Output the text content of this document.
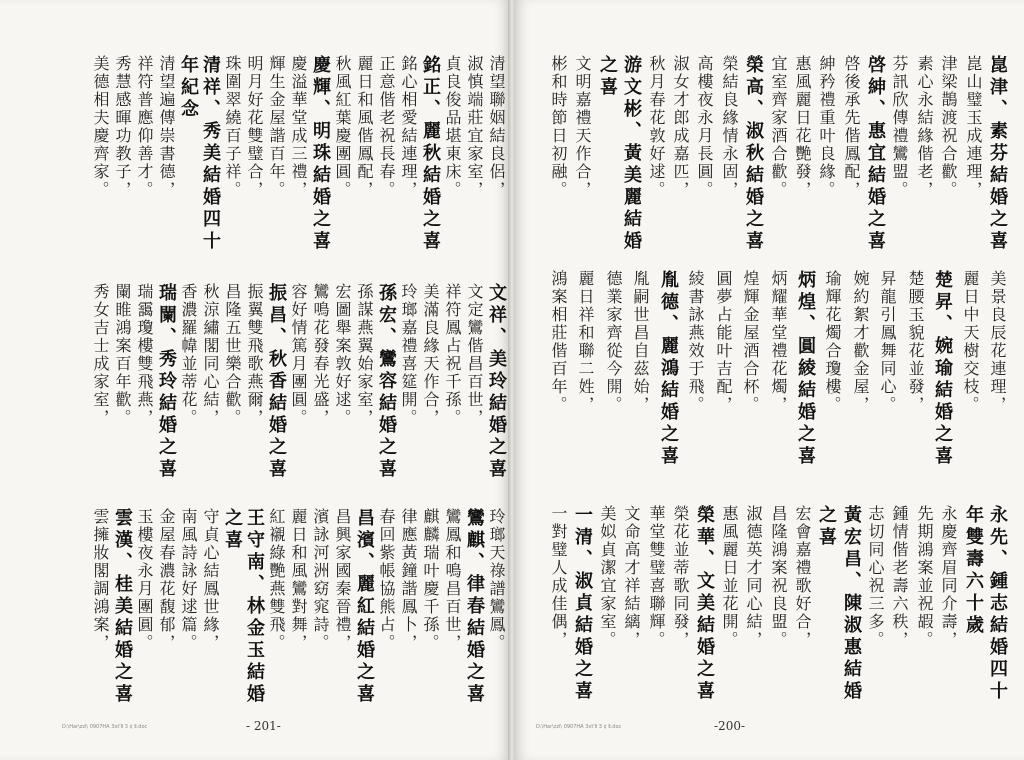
清望聯姻結良侶，
淑慎端莊宜家室，
貞良俊品堪東床。
銘正、麗秋結婚之喜
銘心相愛結連理，
正意偕老祝長春。
麗日和風偕鳳配，
秋風紅葉慶團圓。
慶輝、明珠結婚之喜
慶溢華堂成三禮，
輝生金屋諧百年。
明月好花雙璧合，
珠圍翠繞百子祥。
清祥、秀美結婚四十
年紀念
清望遍傳崇書德，
祥符普應仰善才。
秀慧感暉功教子，
美德相夫慶齊家。
文祥、美玲結婚之喜
文定鸞偕昌百世，
祥符鳳占祝千孫。
美滿良緣天作合，
玲瑯嘉禮喜筵開。
孫宏、鸞容結婚之喜
孫謀燕翼始家室，
宏圖舉案敦好逑。
鸞鳴花發春光盛，
容好情篤月團圓。
振昌、秋香結婚之喜
振翼雙飛歌燕爾，
昌隆五世樂合歡。
秋涼繡閣同心結，
香濃羅幃並蒂花。
瑞闌、秀玲結婚之喜
瑞靄瓊樓雙飛燕，
闌睢鴻案百年歡。
秀女吉士成家室，
玲瑯天祿譜鸞鳳。
鸞麒、律春結婚之喜
鸞鳳和鳴昌百世，
麒麟瑞叶慶千孫。
律應黃鐘諧鳳卜，
春回紫帳協熊占。
昌濱、麗紅結婚之喜
昌興家國秦晉禮，
濱詠河洲窈窕詩。
麗日和風鸞對舞，
紅襯綠艷燕雙飛。
王守南、林金玉結婚
之喜
守貞心結鳳世緣，
南風詩詠好逑篇。
金屋春濃花馥郁，
玉樓夜永月團圓。
雲漢、桂美結婚之喜
雲擁妝閣調鴻案，
D:\Har\zzl\ 0907HA 3xt'Ⅱ 3 ¢ Ⅱ.doc	- 201-
崑津、素芬結婚之喜
崑山璧玉成連理，
津梁鵲渡祝合歡。
素心永結緣偕老，
芬訊欣傳禮鸞盟。
啓紳、惠宜結婚之喜
啓後承先偕鳳配，
紳矜禮重叶良緣。
惠風麗日花艷發，
宜室齊家酒合歡。
榮高、淑秋結婚之喜
榮結良緣情永固，
高樓夜永月長圓。
淑女才郎成嘉匹，
秋月春花敦好逑。
游文彬、黃美麗結婚
之喜
文明嘉禮天作合，
彬和時節日初融。
美景良辰花連理，
麗日中天樹交枝。
楚昇、婉瑜結婚之喜
楚腰玉貌花並發，
昇龍引鳳舞同心。
婉約絮才歡金屋，
瑜輝花燭合瓊樓。
炳煌、圓綾結婚之喜
炳耀華堂禮花燭，
煌輝金屋酒合杯。
圓夢占能叶吉配，
綾書詠燕效于飛。
胤德、麗鴻結婚之喜
胤嗣世昌自茲始，
德業家齊從今開。
麗日祥和聯二姓，
鴻案相莊偕百年。
永先、鍾志結婚四十
年雙壽六十歲
永慶齊眉同介壽，
先期鴻案並祝嘏。
鍾情偕老壽六秩，
志切同心祝三多。
黃宏昌、陳淑惠結婚
之喜
宏會嘉禮歌好合，
昌隆鴻案祝良盟。
淑德英才同心結，
惠風麗日並花開。
榮華、文美結婚之喜
榮花並蒂歌同發，
華堂雙璧喜聯輝。
文命高才祥結縭，
美姒貞潔宜家室。
一清、淑貞結婚之喜
一對璧人成佳偶，
D:\Har\zzl\ 0907HA 3xt'Ⅱ 3 ¢ Ⅱ.doc	-200-
